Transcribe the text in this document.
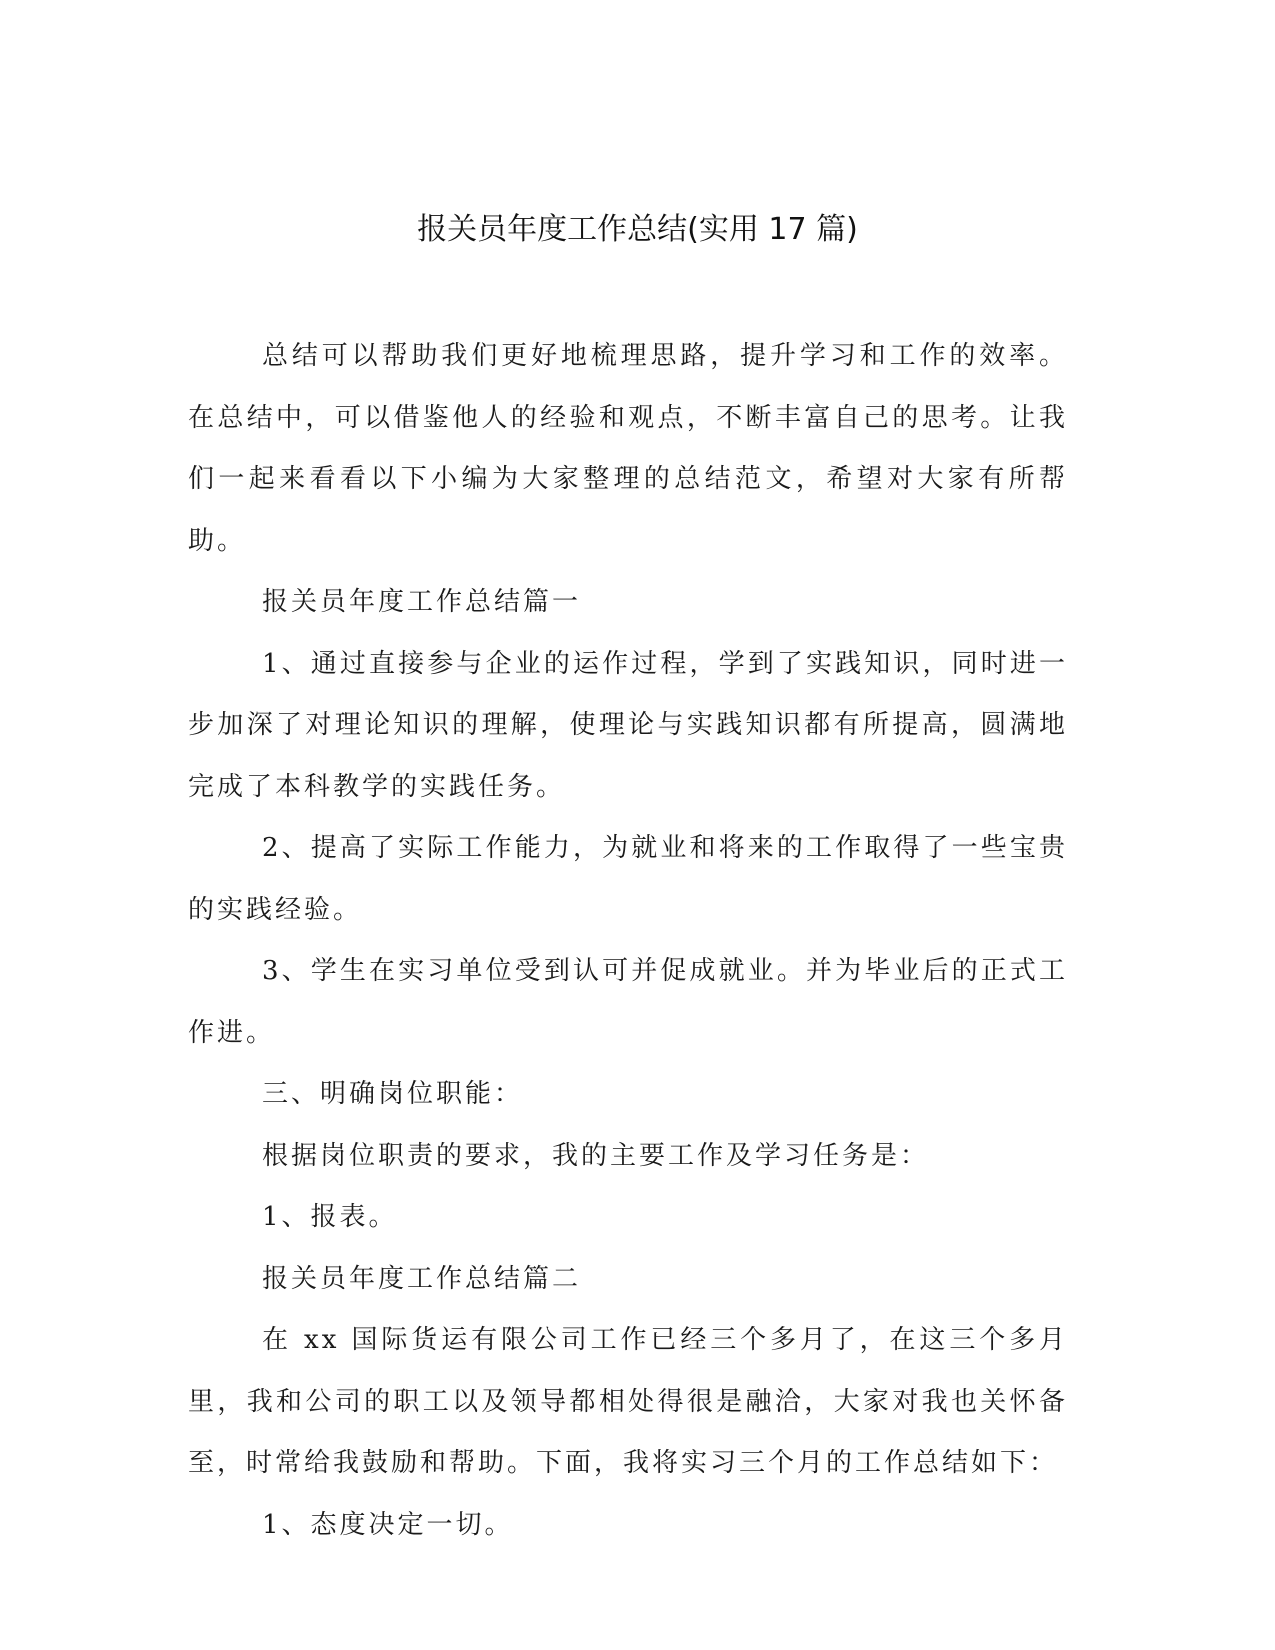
报关员年度工作总结(实用 17 篇)

总结可以帮助我们更好地梳理思路，提升学习和工作的效率。在总结中，可以借鉴他人的经验和观点，不断丰富自己的思考。让我们一起来看看以下小编为大家整理的总结范文，希望对大家有所帮助。

报关员年度工作总结篇一

1、通过直接参与企业的运作过程，学到了实践知识，同时进一步加深了对理论知识的理解，使理论与实践知识都有所提高，圆满地完成了本科教学的实践任务。

2、提高了实际工作能力，为就业和将来的工作取得了一些宝贵的实践经验。

3、学生在实习单位受到认可并促成就业。并为毕业后的正式工作进。

三、明确岗位职能：

根据岗位职责的要求，我的主要工作及学习任务是：

1、报表。

报关员年度工作总结篇二

在 xx 国际货运有限公司工作已经三个多月了，在这三个多月里，我和公司的职工以及领导都相处得很是融洽，大家对我也关怀备至，时常给我鼓励和帮助。下面，我将实习三个月的工作总结如下：

1、态度决定一切。
